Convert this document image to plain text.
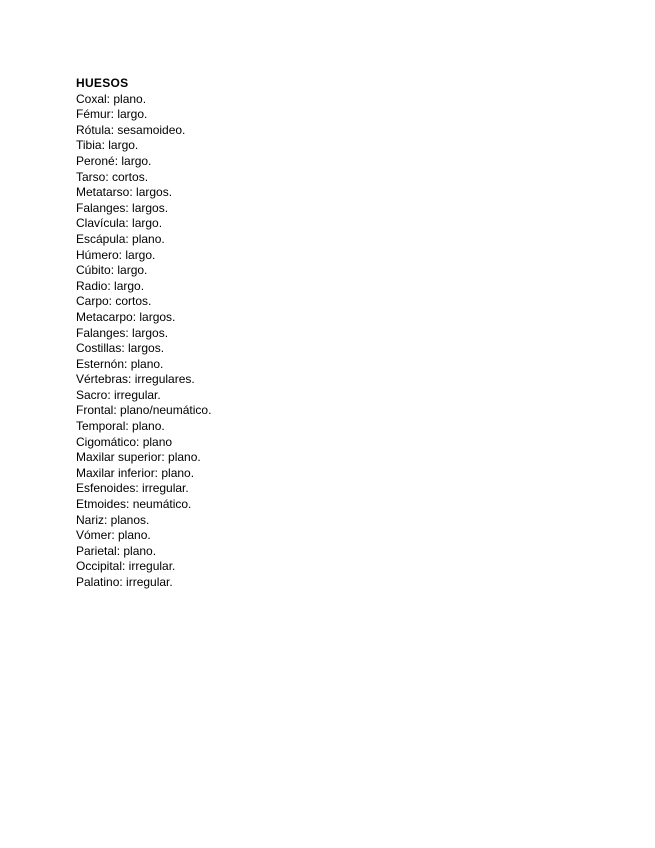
HUESOS
Coxal: plano.
Fémur: largo.
Rótula: sesamoideo.
Tibia: largo.
Peroné: largo.
Tarso: cortos.
Metatarso: largos.
Falanges: largos.
Clavícula: largo.
Escápula: plano.
Húmero: largo.
Cúbito: largo.
Radio: largo.
Carpo: cortos.
Metacarpo: largos.
Falanges: largos.
Costillas: largos.
Esternón: plano.
Vértebras: irregulares.
Sacro: irregular.
Frontal: plano/neumático.
Temporal: plano.
Cigomático: plano
Maxilar superior: plano.
Maxilar inferior: plano.
Esfenoides: irregular.
Etmoides: neumático.
Nariz: planos.
Vómer: plano.
Parietal: plano.
Occipital: irregular.
Palatino: irregular.
